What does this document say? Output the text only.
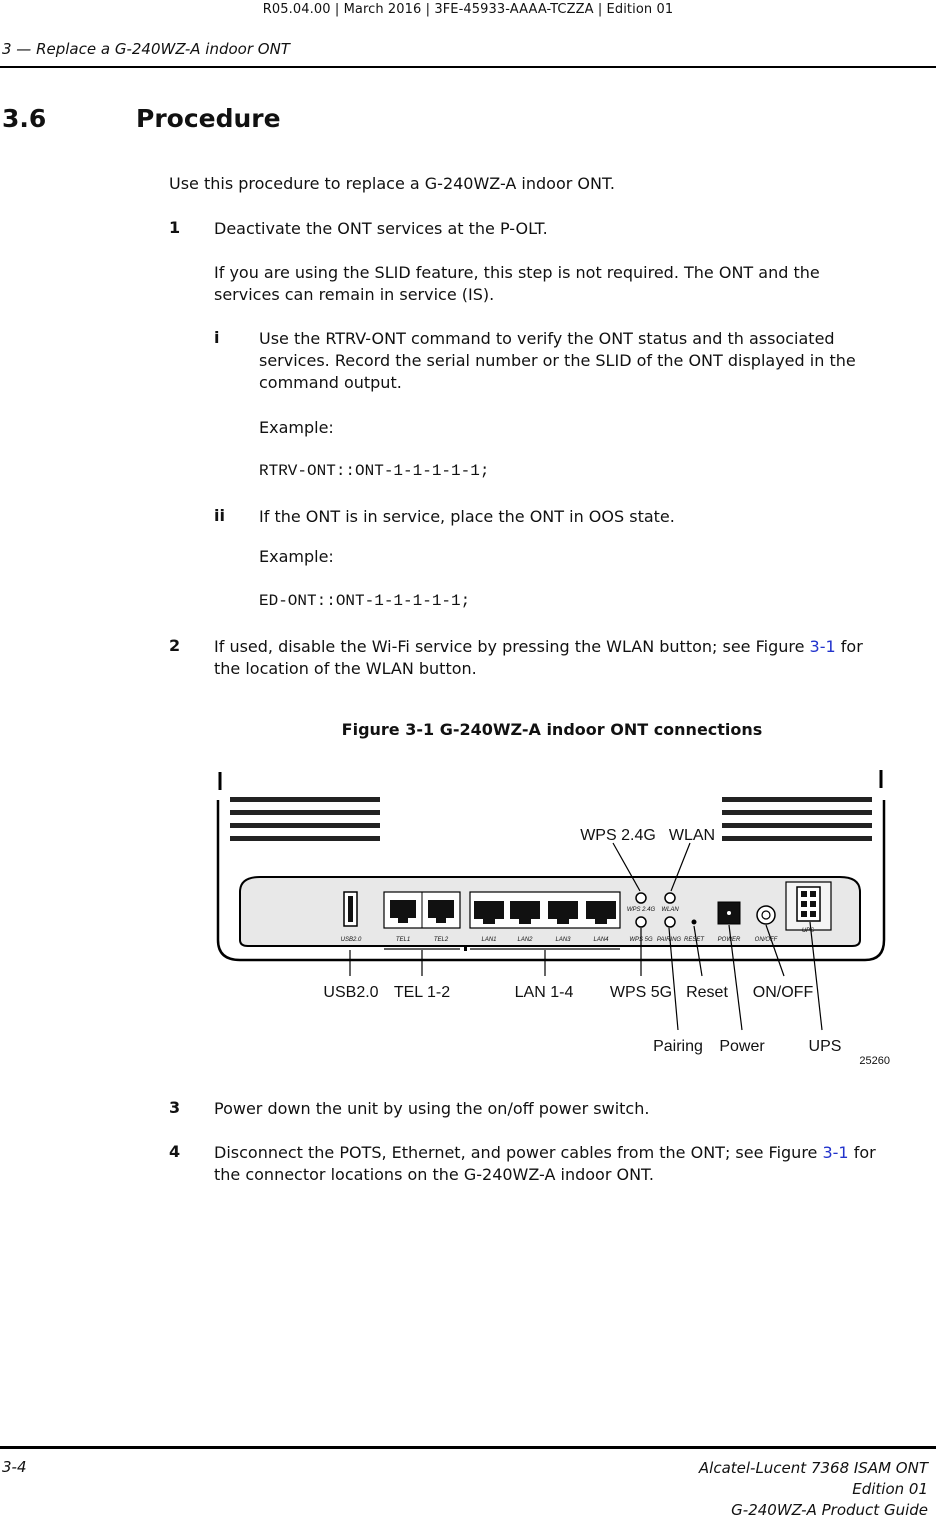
R05.04.00 | March 2016 | 3FE-45933-AAAA-TCZZA | Edition 01
3 — Replace a G-240WZ-A indoor ONT
3.6	Procedure
Use this procedure to replace a G-240WZ-A indoor ONT.
1 Deactivate the ONT services at the P-OLT.
If you are using the SLID feature, this step is not required. The ONT and the
services can remain in service (IS).
i Use the RTRV-ONT command to verify the ONT status and th associated
services. Record the serial number or the SLID of the ONT displayed in the
command output.
Example:
RTRV-ONT::ONT-1-1-1-1-1;
ii If the ONT is in service, place the ONT in OOS state.
Example:
ED-ONT::ONT-1-1-1-1-1;
2 If used, disable the Wi-Fi service by pressing the WLAN button; see Figure 3-1 for
the location of the WLAN button.
Figure 3-1 G-240WZ-A indoor ONT connections
USB2.0	TEL1	TEL2	LAN1	LAN2	LAN3	LAN4	WPS 5G PAIRING RESET POWER ON/OFF
UPS
WPS 2.4G WLAN
WPS 2.4G WLAN
USB2.0 TEL 1-2	LAN 1-4 WPS 5G Reset ON/OFF
Pairing Power	UPS
25260
3 Power down the unit by using the on/off power switch.
4 Disconnect the POTS, Ethernet, and power cables from the ONT; see Figure 3-1 for
the connector locations on the G-240WZ-A indoor ONT.
3-4	Alcatel-Lucent 7368 ISAM ONT
Edition 01
G-240WZ-A Product Guide
